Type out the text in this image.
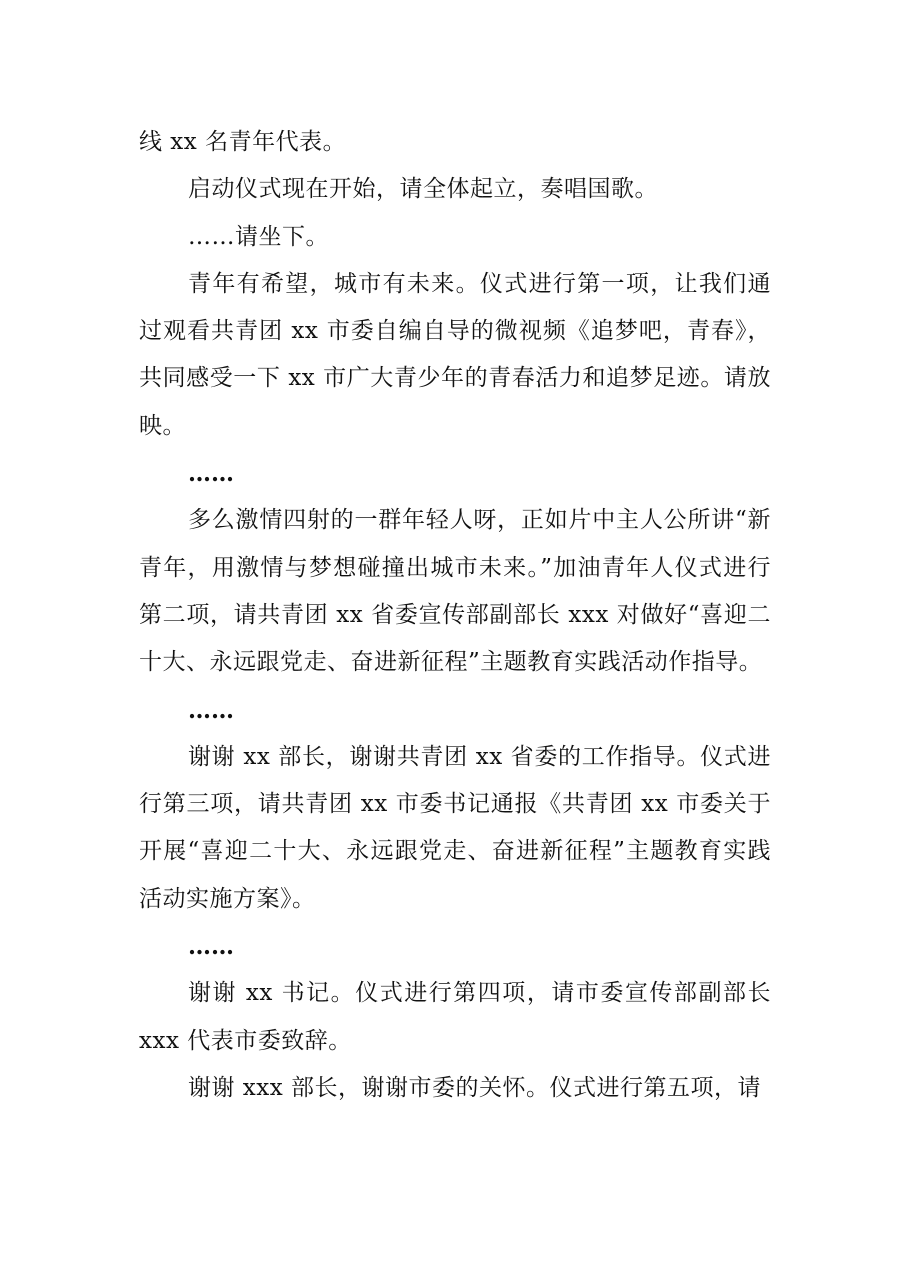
线 xx 名青年代表。

启动仪式现在开始，请全体起立，奏唱国歌。

……请坐下。

青年有希望，城市有未来。仪式进行第一项，让我们通过观看共青团 xx 市委自编自导的微视频《追梦吧，青春》，共同感受一下 xx 市广大青少年的青春活力和追梦足迹。请放映。

……

多么激情四射的一群年轻人呀，正如片中主人公所讲“新青年，用激情与梦想碰撞出城市未来。”加油青年人仪式进行第二项，请共青团 xx 省委宣传部副部长 xxx 对做好“喜迎二十大、永远跟党走、奋进新征程”主题教育实践活动作指导。

……

谢谢 xx 部长，谢谢共青团 xx 省委的工作指导。仪式进行第三项，请共青团 xx 市委书记通报《共青团 xx 市委关于开展“喜迎二十大、永远跟党走、奋进新征程”主题教育实践活动实施方案》。

……

谢谢 xx 书记。仪式进行第四项，请市委宣传部副部长 xxx 代表市委致辞。

谢谢 xxx 部长，谢谢市委的关怀。仪式进行第五项，请
